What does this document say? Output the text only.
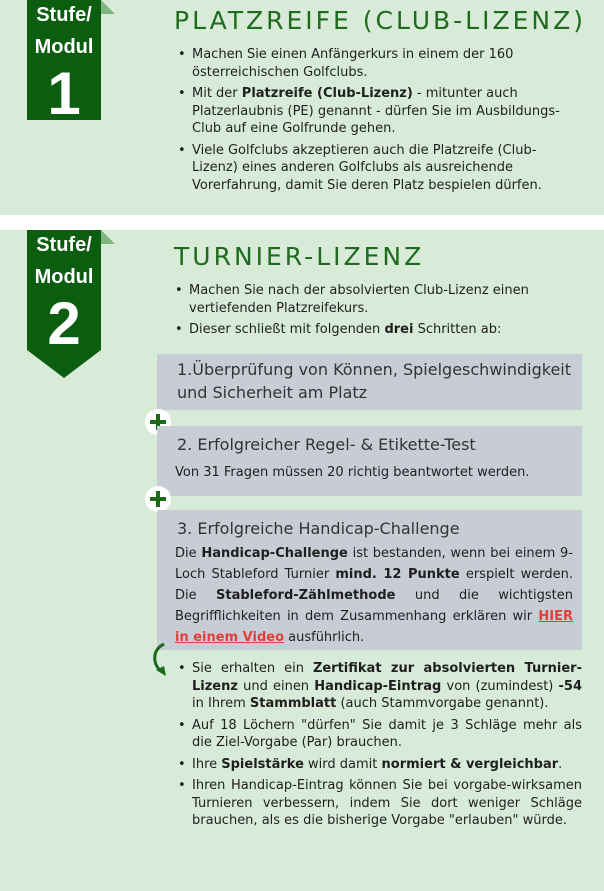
Stufe/
Modul
1
PLATZREIFE (CLUB-LIZENZ)
• Machen Sie einen Anfängerkurs in einem der 160 österreichischen Golfclubs.
• Mit der Platzreife (Club-Lizenz) - mitunter auch Platzerlaubnis (PE) genannt - dürfen Sie im Ausbildungs-Club auf eine Golfrunde gehen.
• Viele Golfclubs akzeptieren auch die Platzreife (Club-Lizenz) eines anderen Golfclubs als ausreichende Vorerfahrung, damit Sie deren Platz bespielen dürfen.
Stufe/
Modul
2
TURNIER-LIZENZ
• Machen Sie nach der absolvierten Club-Lizenz einen vertiefenden Platzreifekurs.
• Dieser schließt mit folgenden drei Schritten ab:
1.Überprüfung von Können, Spielgeschwindigkeit
und Sicherheit am Platz
2. Erfolgreicher Regel- & Etikette-Test
Von 31 Fragen müssen 20 richtig beantwortet werden.
3. Erfolgreiche Handicap-Challenge
Die Handicap-Challenge ist bestanden, wenn bei einem 9-Loch Stableford Turnier mind. 12 Punkte erspielt werden. Die Stableford-Zählmethode und die wichtigsten Begrifflichkeiten in dem Zusammenhang erklären wir HIER in einem Video ausführlich.
• Sie erhalten ein Zertifikat zur absolvierten Turnier-Lizenz und einen Handicap-Eintrag von (zumindest) -54 in Ihrem Stammblatt (auch Stammvorgabe genannt).
• Auf 18 Löchern "dürfen" Sie damit je 3 Schläge mehr als die Ziel-Vorgabe (Par) brauchen.
• Ihre Spielstärke wird damit normiert & vergleichbar.
• Ihren Handicap-Eintrag können Sie bei vorgabe-wirksamen Turnieren verbessern, indem Sie dort weniger Schläge brauchen, als es die bisherige Vorgabe "erlauben" würde.
